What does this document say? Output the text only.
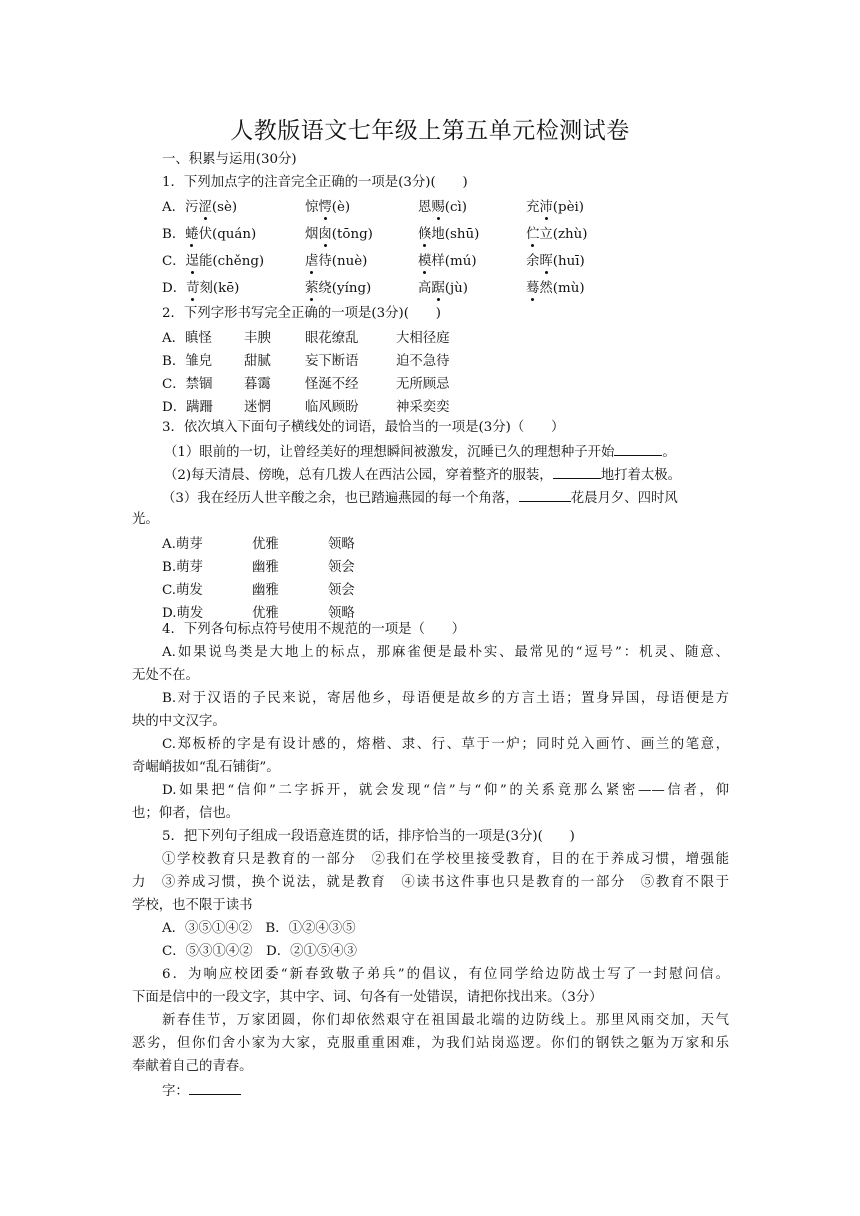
人教版语文七年级上第五单元检测试卷
一、积累与运用(30分)
1．下列加点字的注音完全正确的一项是(3分)(　　)
A．污涩(sè)	惊愕(è)	恩赐(cì)	充沛(pèi)
B．蜷伏(quán)	烟囱(tōng)	倏地(shū)	伫立(zhù)
C．逞能(chěng)	虐待(nuè)	模样(mú)	余晖(huī)
D．苛刻(kē)	萦绕(yíng)	高踞(jù)	蓦然(mù)
2．下列字形书写完全正确的一项是(3分)(　　)
A．瞋怪 丰腴	眼花缭乱	大相径庭
B．雏皃 甜腻	妄下断语	迫不急待
C．禁锢 暮霭	怪涎不经	无所顾忌
D．蹒跚 迷惘	临风顾盼	神采奕奕
3．依次填入下面句子横线处的词语，最恰当的一项是(3分)（　　）
（1）眼前的一切，让曾经美好的理想瞬间被激发，沉睡已久的理想种子开始	。
（2)每天清晨、傍晚，总有几拨人在西沽公园，穿着整齐的服装，	地打着太极。
（3）我在经历人世辛酸之余，也已踏遍燕园的每一个角落，	花晨月夕、四时风
光。
A.萌芽	优雅	领略
B.萌芽	幽雅	领会
C.萌发	幽雅	领会
D.萌发	优雅	领略
4．下列各句标点符号使用不规范的一项是（　　）
A.如果说鸟类是大地上的标点，那麻雀便是最朴实、最常见的“逗号”：机灵、随意、
无处不在。
B.对于汉语的子民来说，寄居他乡，母语便是故乡的方言土语；置身异国，母语便是方
块的中文汉字。
C.郑板桥的字是有设计感的，熔楷、隶、行、草于一炉；同时兑入画竹、画兰的笔意，
奇崛峭拔如“乱石铺街”。
D.如果把“信仰”二字拆开，就会发现“信”与“仰”的关系竟那么紧密——信者，仰
也；仰者，信也。
5．把下列句子组成一段语意连贯的话，排序恰当的一项是(3分)(　　)
①学校教育只是教育的一部分　②我们在学校里接受教育，目的在于养成习惯，增强能
力　③养成习惯，换个说法，就是教育　④读书这件事也只是教育的一部分　⑤教育不限于
学校，也不限于读书
A．③⑤①④②　B．①②④③⑤
C．⑤③①④②　D．②①⑤④③
6．为响应校团委“新春致敬子弟兵”的倡议，有位同学给边防战士写了一封慰问信。
下面是信中的一段文字，其中字、词、句各有一处错误，请把你找出来。（3分）
新春佳节，万家团圆，你们却依然艰守在祖国最北端的边防线上。那里风雨交加，天气
恶劣，但你们舍小家为大家，克服重重困难，为我们站岗巡逻。你们的钢铁之躯为万家和乐
奉献着自己的青春。
字：
